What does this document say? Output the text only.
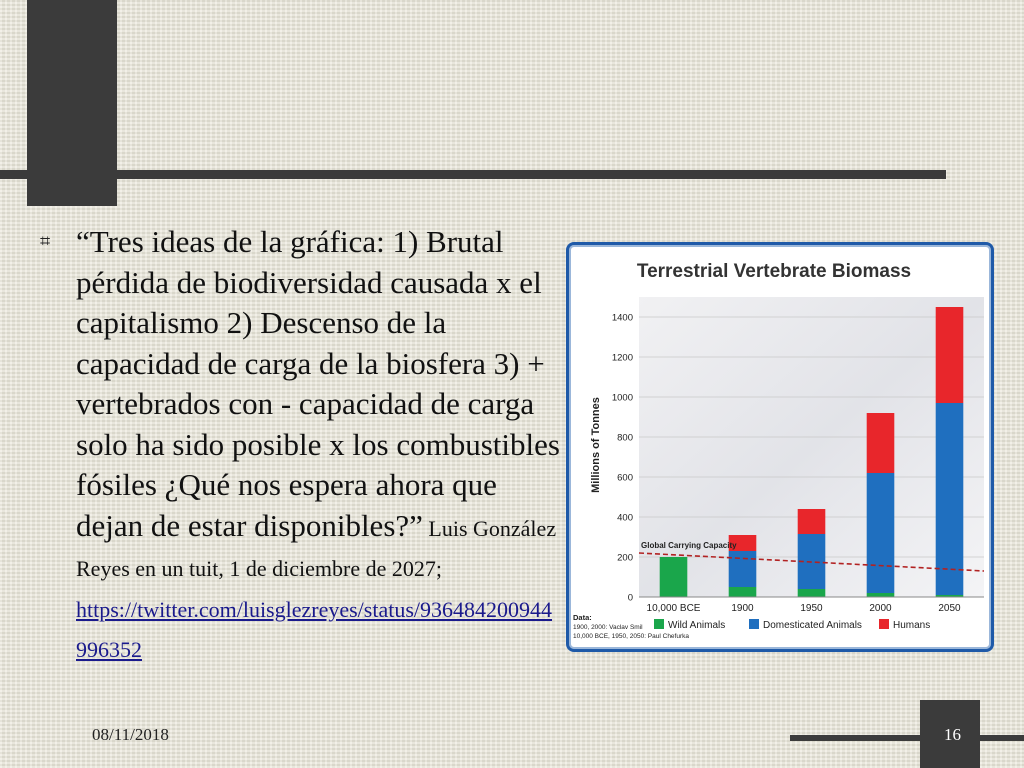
⌗ “Tres ideas de la gráfica: 1) Brutal pérdida de biodiversidad causada x el capitalismo 2) Descenso de la capacidad de carga de la biosfera 3) + vertebrados con - capacidad de carga solo ha sido posible x los combustibles fósiles ¿Qué nos espera ahora que dejan de estar disponibles?” Luis González Reyes en un tuit, 1 de diciembre de 2027;
https://twitter.com/luisglezreyes/status/936484200944996352
Terrestrial Vertebrate Biomass
Millions of Tonnes
0
200
400
600
800
1000
1200
1400
10,000 BCE	1900	1950	2000	2050
Global Carrying Capacity
Data:
1900, 2000: Vaclav Smil
10,000 BCE, 1950, 2050: Paul Chefurka
Wild Animals	Domesticated Animals	Humans
08/11/2018	16
